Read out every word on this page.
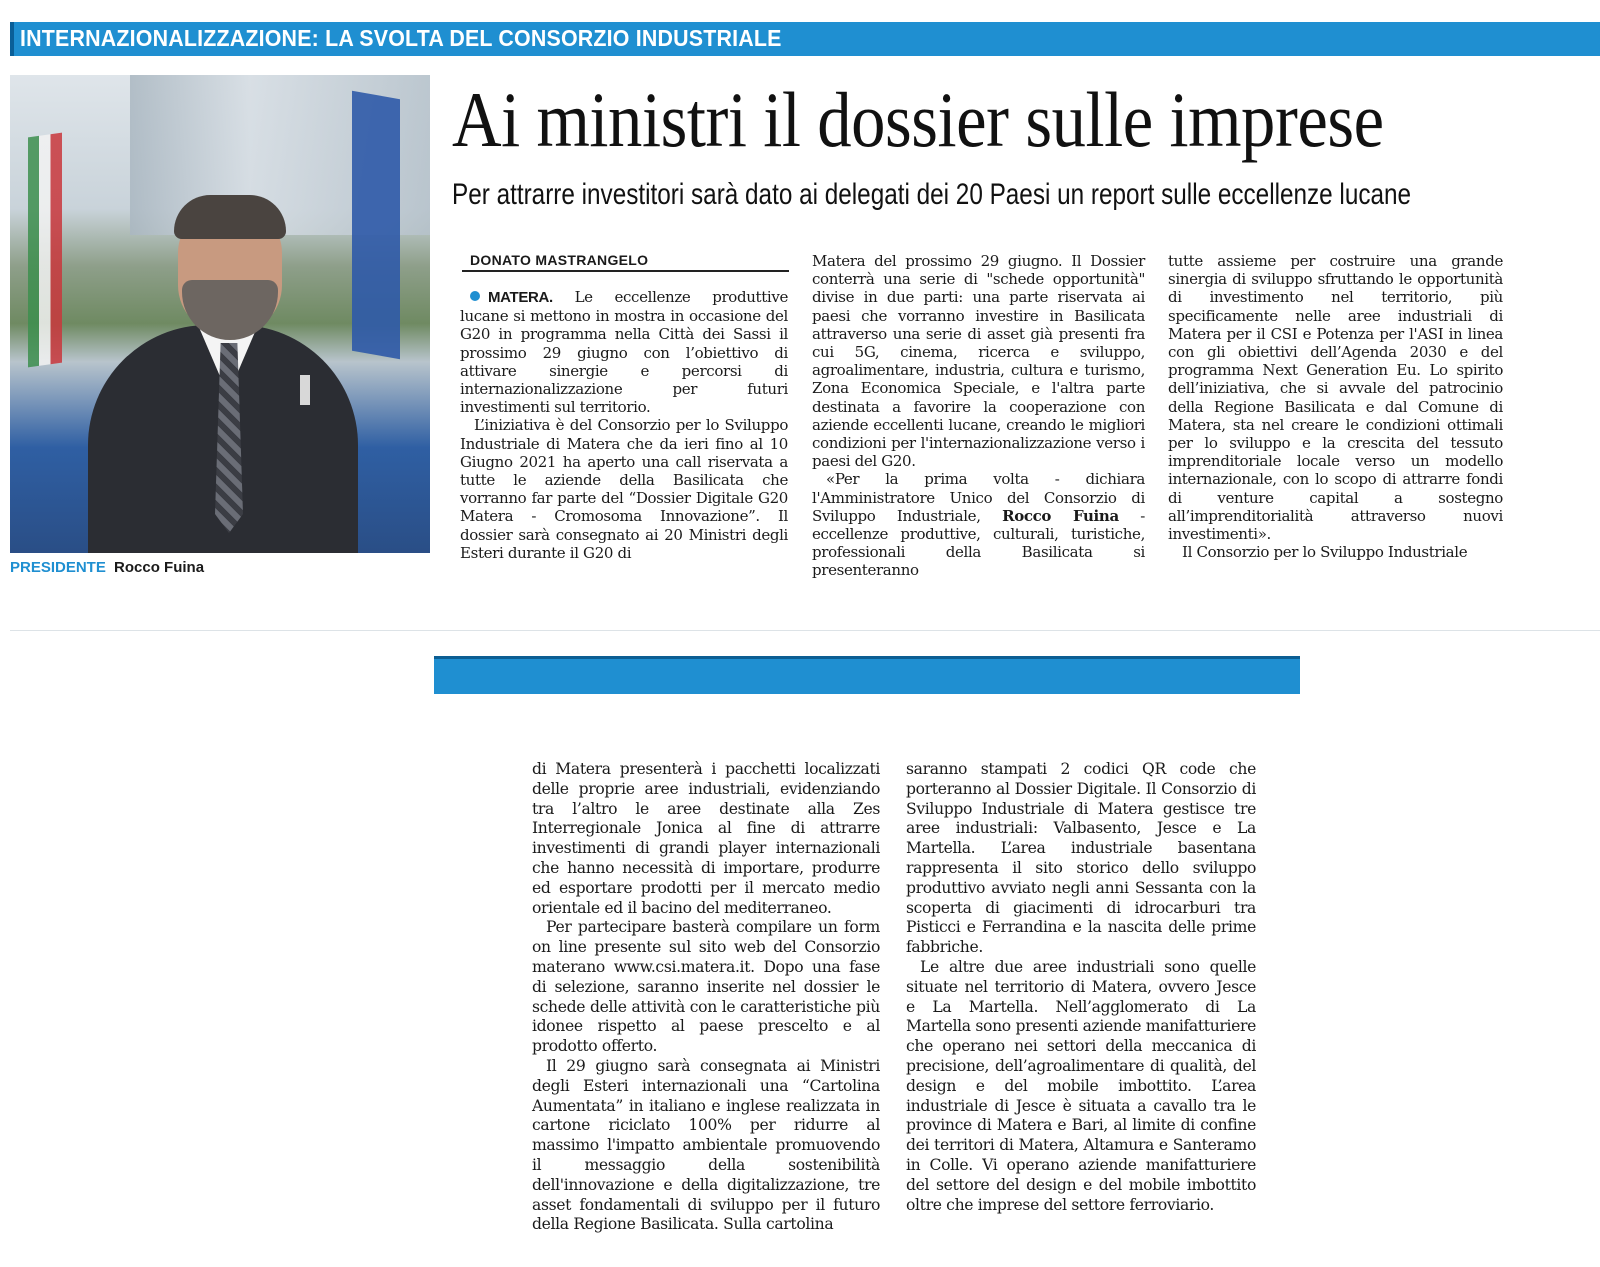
INTERNAZIONALIZZAZIONE: LA SVOLTA DEL CONSORZIO INDUSTRIALE
PRESIDENTE Rocco Fuina
Ai ministri il dossier sulle imprese
Per attrarre investitori sarà dato ai delegati dei 20 Paesi un report sulle eccellenze lucane
DONATO MASTRANGELO

MATERA. Le eccellenze produttive lucane si mettono in mostra in occasione del G20 in programma nella Città dei Sassi il prossimo 29 giugno con l’obiettivo di attivare sinergie e percorsi di internazionalizzazione per futuri investimenti sul territorio.

L’iniziativa è del Consorzio per lo Sviluppo Industriale di Matera che da ieri fino al 10 Giugno 2021 ha aperto una call riservata a tutte le aziende della Basilicata che vorranno far parte del “Dossier Digitale G20 Matera - Cromosoma Innovazione”. Il dossier sarà consegnato ai 20 Ministri degli Esteri durante il G20 di

Matera del prossimo 29 giugno. Il Dossier conterrà una serie di "schede opportunità" divise in due parti: una parte riservata ai paesi che vorranno investire in Basilicata attraverso una serie di asset già presenti fra cui 5G, cinema, ricerca e sviluppo, agroalimentare, industria, cultura e turismo, Zona Economica Speciale, e l'altra parte destinata a favorire la cooperazione con aziende eccellenti lucane, creando le migliori condizioni per l'internazionalizzazione verso i paesi del G20.

«Per la prima volta - dichiara l'Amministratore Unico del Consorzio di Sviluppo Industriale, Rocco Fuina - eccellenze produttive, culturali, turistiche, professionali della Basilicata si presenteranno

tutte assieme per costruire una grande sinergia di sviluppo sfruttando le opportunità di investimento nel territorio, più specificamente nelle aree industriali di Matera per il CSI e Potenza per l'ASI in linea con gli obiettivi dell’Agenda 2030 e del programma Next Generation Eu. Lo spirito dell’iniziativa, che si avvale del patrocinio della Regione Basilicata e dal Comune di Matera, sta nel creare le condizioni ottimali per lo sviluppo e la crescita del tessuto imprenditoriale locale verso un modello internazionale, con lo scopo di attrarre fondi di venture capital a sostegno all’imprenditorialità attraverso nuovi investimenti».

Il Consorzio per lo Sviluppo Industriale

di Matera presenterà i pacchetti localizzati delle proprie aree industriali, evidenziando tra l’altro le aree destinate alla Zes Interregionale Jonica al fine di attrarre investimenti di grandi player internazionali che hanno necessità di importare, produrre ed esportare prodotti per il mercato medio orientale ed il bacino del mediterraneo.

Per partecipare basterà compilare un form on line presente sul sito web del Consorzio materano www.csi.matera.it. Dopo una fase di selezione, saranno inserite nel dossier le schede delle attività con le caratteristiche più idonee rispetto al paese prescelto e al prodotto offerto.

Il 29 giugno sarà consegnata ai Ministri degli Esteri internazionali una “Cartolina Aumentata” in italiano e inglese realizzata in cartone riciclato 100% per ridurre al massimo l'impatto ambientale promuovendo il messaggio della sostenibilità dell'innovazione e della digitalizzazione, tre asset fondamentali di sviluppo per il futuro della Regione Basilicata. Sulla cartolina

saranno stampati 2 codici QR code che porteranno al Dossier Digitale. Il Consorzio di Sviluppo Industriale di Matera gestisce tre aree industriali: Valbasento, Jesce e La Martella. L’area industriale basentana rappresenta il sito storico dello sviluppo produttivo avviato negli anni Sessanta con la scoperta di giacimenti di idrocarburi tra Pisticci e Ferrandina e la nascita delle prime fabbriche.

Le altre due aree industriali sono quelle situate nel territorio di Matera, ovvero Jesce e La Martella. Nell’agglomerato di La Martella sono presenti aziende manifatturiere che operano nei settori della meccanica di precisione, dell’agroalimentare di qualità, del design e del mobile imbottito. L’area industriale di Jesce è situata a cavallo tra le province di Matera e Bari, al limite di confine dei territori di Matera, Altamura e Santeramo in Colle. Vi operano aziende manifatturiere del settore del design e del mobile imbottito oltre che imprese del settore ferroviario.
